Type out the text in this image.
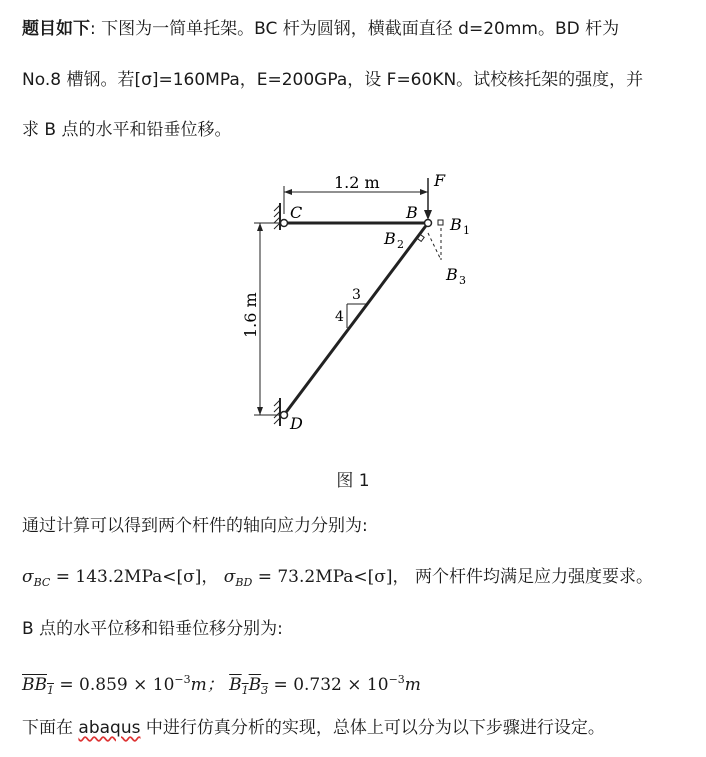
题目如下: 下图为一简单托架。BC 杆为圆钢，横截面直径 d=20mm。BD 杆为
No.8 槽钢。若[σ]=160MPa，E=200GPa，设 F=60KN。试校核托架的强度，并
求 B 点的水平和铅垂位移。
1.2 m
1.6 m
F
C	B
B 1
B 2
B 3
D
3
4
图 1
通过计算可以得到两个杆件的轴向应力分别为:
$\sigma_{BC} = 143.2MPa<[\sigma]$， $\sigma_{BD} = 73.2MPa<[\sigma]$， 两个杆件均满足应力强度要求。
B 点的水平位移和铅垂位移分别为:
$BB_1 = 0.859 \times 10^{-3}m$； $B_1B_3 = 0.732 \times 10^{-3}m$
下面在 abaqus 中进行仿真分析的实现，总体上可以分为以下步骤进行设定。
